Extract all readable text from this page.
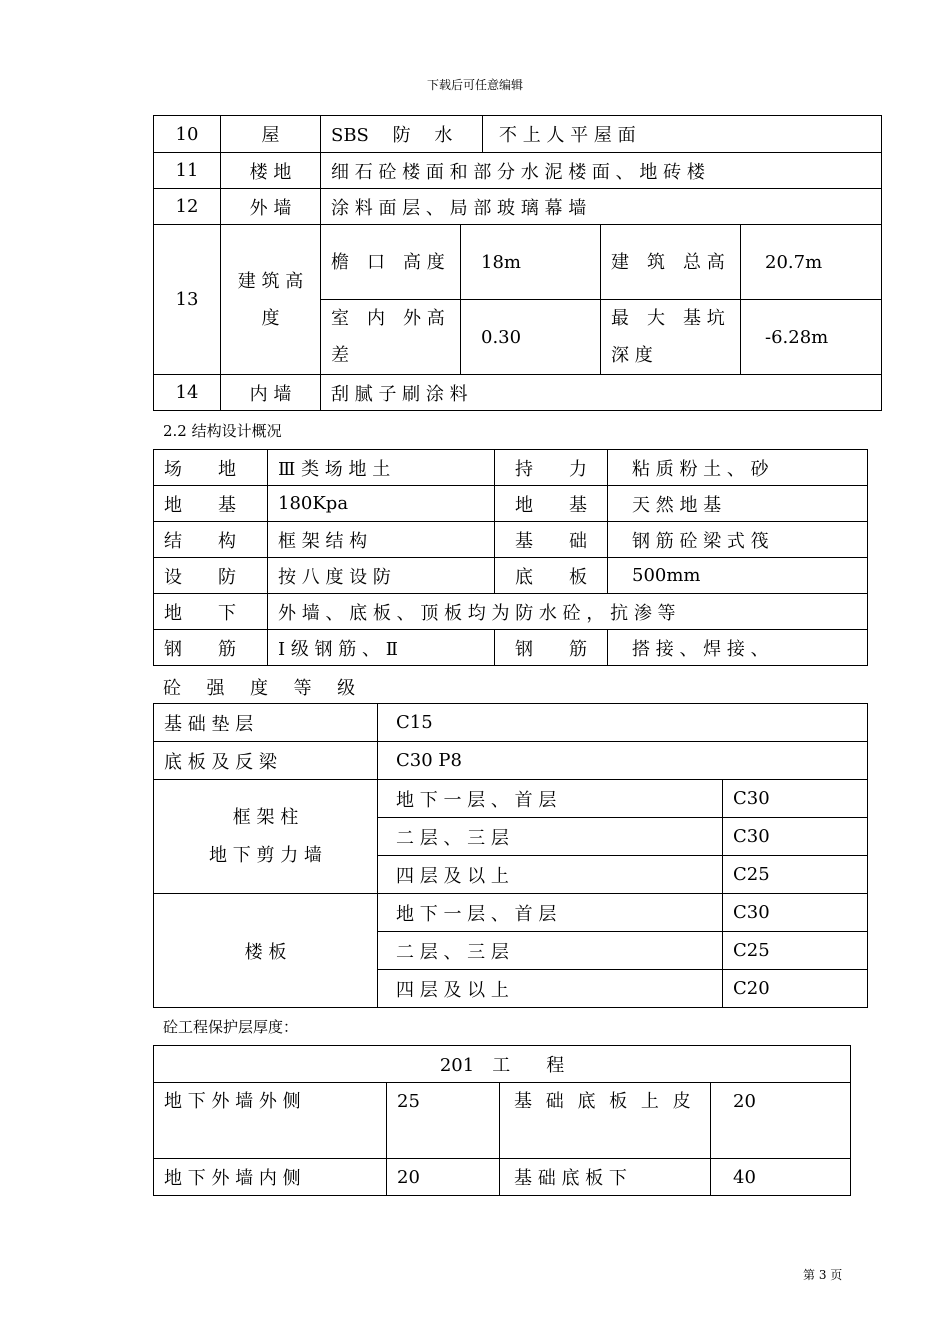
下载后可任意编辑
10	屋	SBS　 防　 水		不 上 人 平 屋 面		
11	楼 地	细 石 砼 楼 面 和 部 分 水 泥 楼 面 、 地 砖 楼				
12	外 墙	涂 料 面 层 、 局 部 玻 璃 幕 墙				
13	建 筑 高 度	檐　口　高 度	18m		建　筑　总 高	20.7m
		室　内　外 高 差	0.30		最　大　基 坑 深 度	-6.28m
14	内 墙	刮 腻 子 刷 涂 料				
2.2 结构设计概况
场　　地	Ⅲ 类 场 地 土	持　　力	粘 质 粉 土 、 砂
地　　基	180Kpa	地　　基	天 然 地 基
结　　构	框 架 结 构	基　　础	钢 筋 砼 梁 式 筏
设　　防	按 八 度 设 防	底　　板	500mm
地　　下	外 墙 、 底 板 、 顶 板 均 为 防 水 砼 ， 抗 渗 等		
钢　　筋	Ⅰ 级 钢 筋 、 Ⅱ	钢　　筋	搭 接 、 焊 接 、
砼 强 度 等 级
基 础 垫 层	C15	
底 板 及 反 梁	C30 P8	

框 架 柱
地 下 剪 力 墙	地 下 一 层 、 首 层	C30
	二 层 、 三 层	C30
	四 层 及 以 上	C25
楼 板	地 下 一 层 、 首 层	C30
	二 层 、 三 层	C25
	四 层 及 以 上	C20
砼工程保护层厚度：
201　工　　程			
地 下 外 墙 外 侧	25	基 础 底 板 上 皮	20
地 下 外 墙 内 侧	20	基 础 底 板 下	40
第 3 页
